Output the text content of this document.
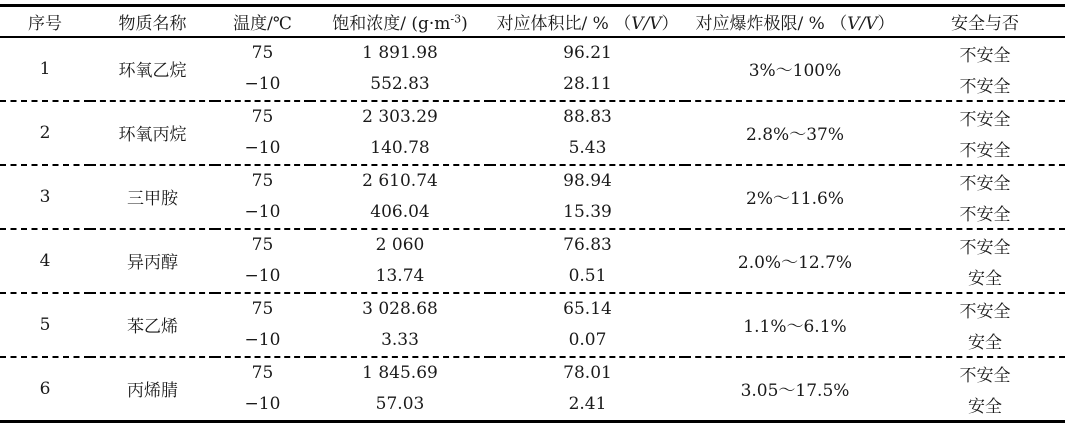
序号	物质名称	温度/℃	饱和浓度/ $(g\cdot m^{-3})$	对应体积比/ % （V/V）	对应爆炸极限/ % （V/V）	安全与否
1	环氧乙烷	75	1 891.98	96.21	3%～100%	不安全
		−10	552.83	28.11		不安全
2	环氧丙烷	75	2 303.29	88.83	2.8%～37%	不安全
		−10	140.78	5.43		不安全
3	三甲胺	75	2 610.74	98.94	2%～11.6%	不安全
		−10	406.04	15.39		不安全
4	异丙醇	75	2 060	76.83	2.0%～12.7%	不安全
		−10	13.74	0.51		安全
5	苯乙烯	75	3 028.68	65.14	1.1%～6.1%	不安全
		−10	3.33	0.07		安全
6	丙烯腈	75	1 845.69	78.01	3.05～17.5%	不安全
		−10	57.03	2.41		安全
